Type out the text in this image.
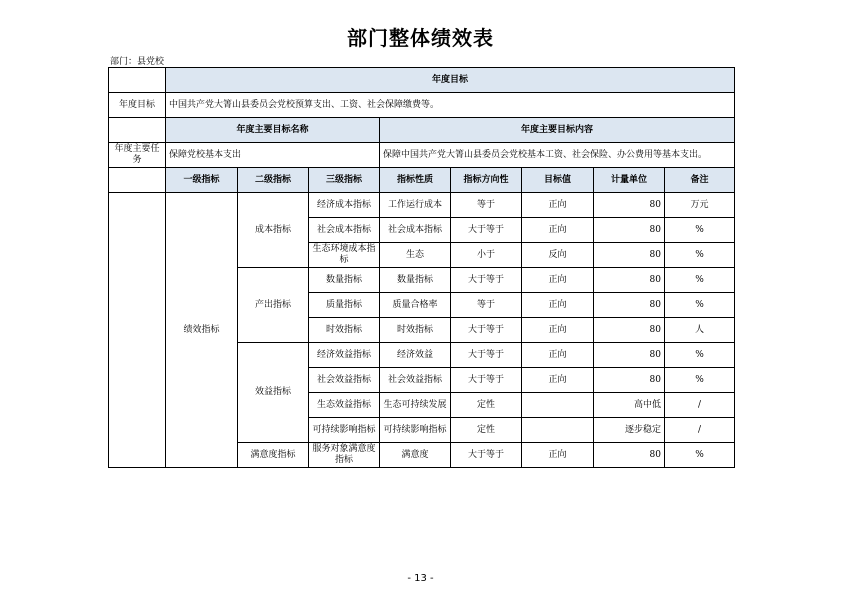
部门整体绩效表
部门：县党校
	年度目标								
年度目标	中国共产党大箐山县委员会党校预算支出、工资、社会保障缴费等。								
	年度主要目标名称			年度主要目标内容					
年度主要任务	保障党校基本支出			保障中国共产党大箐山县委员会党校基本工资、社会保险、办公费用等基本支出。					
	一级指标	二级指标	三级指标	指标性质	指标方向性	目标值	计量单位	备注	
	绩效指标	成本指标	经济成本指标	工作运行成本	等于	正向	80	万元	
			社会成本指标	社会成本指标	大于等于	正向	80	%	
			生态环境成本指标	生态	小于	反向	80	%	
		产出指标	数量指标	数量指标	大于等于	正向	80	%	
			质量指标	质量合格率	等于	正向	80	%	
			时效指标	时效指标	大于等于	正向	80	人	
		效益指标	经济效益指标	经济效益	大于等于	正向	80	%	
			社会效益指标	社会效益指标	大于等于	正向	80	%	
			生态效益指标	生态可持续发展	定性		高中低	/	
			可持续影响指标	可持续影响指标	定性		逐步稳定	/	
		满意度指标	服务对象满意度指标	满意度	大于等于	正向	80	%	
- 13 -
